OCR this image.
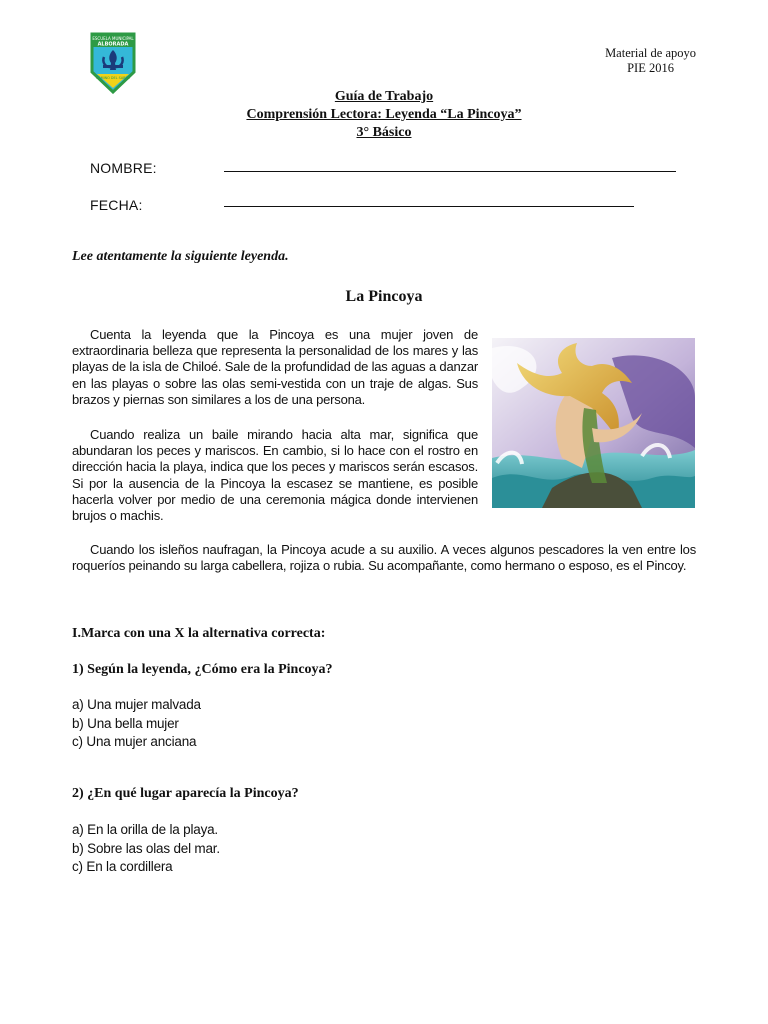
ESCUELA MUNICIPAL
ALBORADA
CAMINO DEL SABER
Material de apoyo
PIE 2016
Guía de Trabajo
Comprensión Lectora: Leyenda “La Pincoya”
3° Básico
NOMBRE:
FECHA:
Lee atentamente la siguiente leyenda.
La Pincoya
Cuenta la leyenda que la Pincoya es una mujer joven de extraordinaria belleza que representa la personalidad de los mares y las playas de la isla de Chiloé. Sale de la profundidad de las aguas a danzar en las playas o sobre las olas semi-vestida con un traje de algas. Sus brazos y piernas son similares a los de una persona.
Cuando realiza un baile mirando hacia alta mar, significa que abundaran los peces y mariscos. En cambio, si lo hace con el rostro en dirección hacia la playa, indica que los peces y mariscos serán escasos. Si por la ausencia de la Pincoya la escasez se mantiene, es posible hacerla volver por medio de una ceremonia mágica donde intervienen brujos o machis.
Cuando los isleños naufragan, la Pincoya acude a su auxilio. A veces algunos pescadores la ven entre los roqueríos peinando su larga cabellera, rojiza o rubia. Su acompañante, como hermano o esposo, es el Pincoy.
I.Marca con una X la alternativa correcta:
1) Según la leyenda, ¿Cómo era la Pincoya?
a) Una mujer malvada
b) Una bella mujer
c) Una mujer anciana
2) ¿En qué lugar aparecía la Pincoya?
a) En la orilla de la playa.
b) Sobre las olas del mar.
c) En la cordillera
